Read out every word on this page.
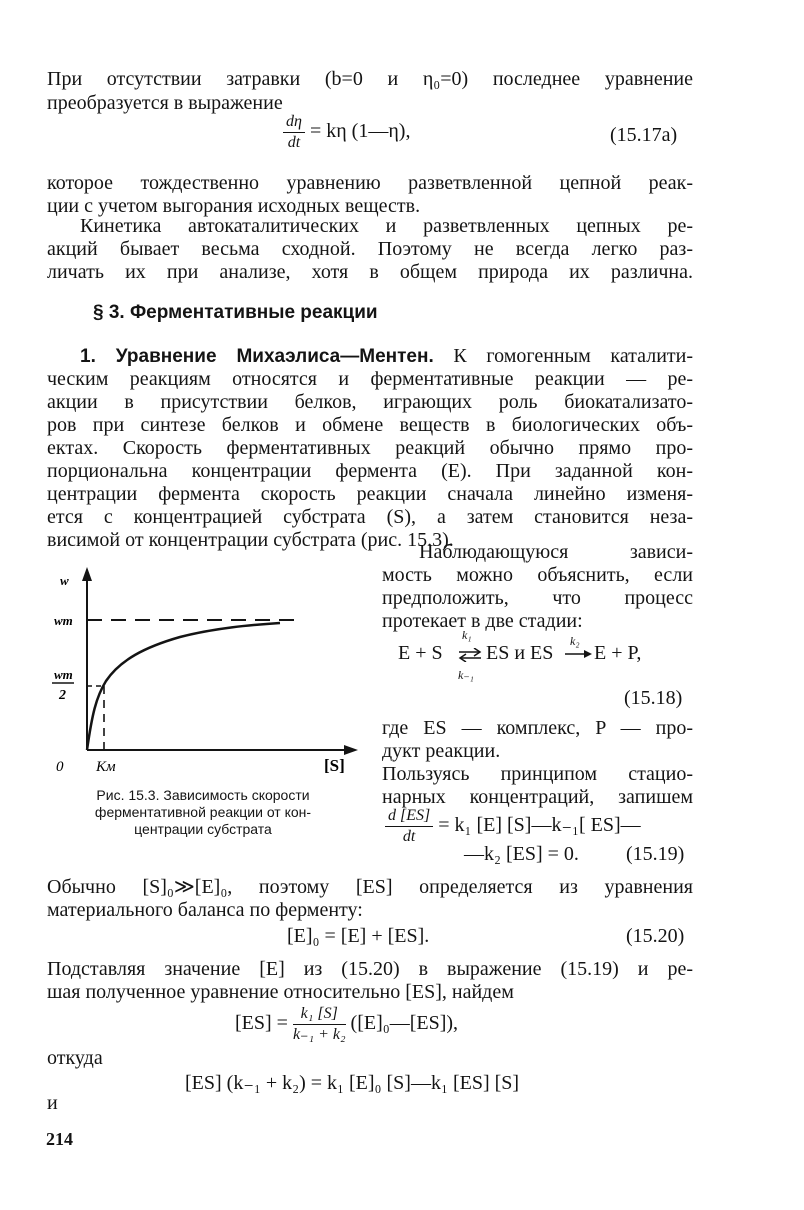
При отсутствии затравки (b=0 и η₀=0) последнее уравнение
преобразуется в выражение
$\frac{d\eta}{dt} = k\eta$ (1—η),	(15.17a)
которое тождественно уравнению разветвленной цепной реак-
ции с учетом выгорания исходных веществ.
Кинетика автокаталитических и разветвленных цепных ре-
акций бывает весьма сходной. Поэтому не всегда легко раз-
личать их при анализе, хотя в общем природа их различна.
§ 3. Ферментативные реакции
1. Уравнение Михаэлиса—Ментен. К гомогенным каталити-
ческим реакциям относятся и ферментативные реакции — ре-
акции в присутствии белков, играющих роль биокатализато-
ров при синтезе белков и обмене веществ в биологических объ-
ектах. Скорость ферментативных реакций обычно прямо про-
порциональна концентрации фермента (E). При заданной кон-
центрации фермента скорость реакции сначала линейно изменя-
ется с концентрацией субстрата (S), а затем становится неза-
висимой от концентрации субстрата (рис. 15.3).
Наблюдающуюся зависи-
мость можно объяснить, если
предположить, что процесс
протекает в две стадии:
E + S
k₁
k₋₁
ES и ES
k₂
E + P,
(15.18)
где ES — комплекс, P — про-
дукт реакции.
Пользуясь принципом стацио-
нарных концентраций, запишем
$\frac{d [ES]}{dt} = k_1$ [E] [S]—k₋₁[ ES]—
—k₂ [ES] = 0. (15.19)
w
wm
wm
2
0 Kм	[S]
Рис. 15.3. Зависимость скорости
ферментативной реакции от кон-
центрации субстрата
Обычно [S]₀≫[E]₀, поэтому [ES] определяется из уравнения
материального баланса по ферменту:
[E]₀ = [E] + [ES].	(15.20)
Подставляя значение [E] из (15.20) в выражение (15.19) и ре-
шая полученное уравнение относительно [ES], найдем
$[ES] = \frac{\text{k₁ [S]}}{\text{k₋₁ + k₂}}$ ([E]₀—[ES]),
откуда
[ES] (k₋₁ + k₂) = k₁ [E]₀ [S]—k₁ [ES] [S]
и
214
